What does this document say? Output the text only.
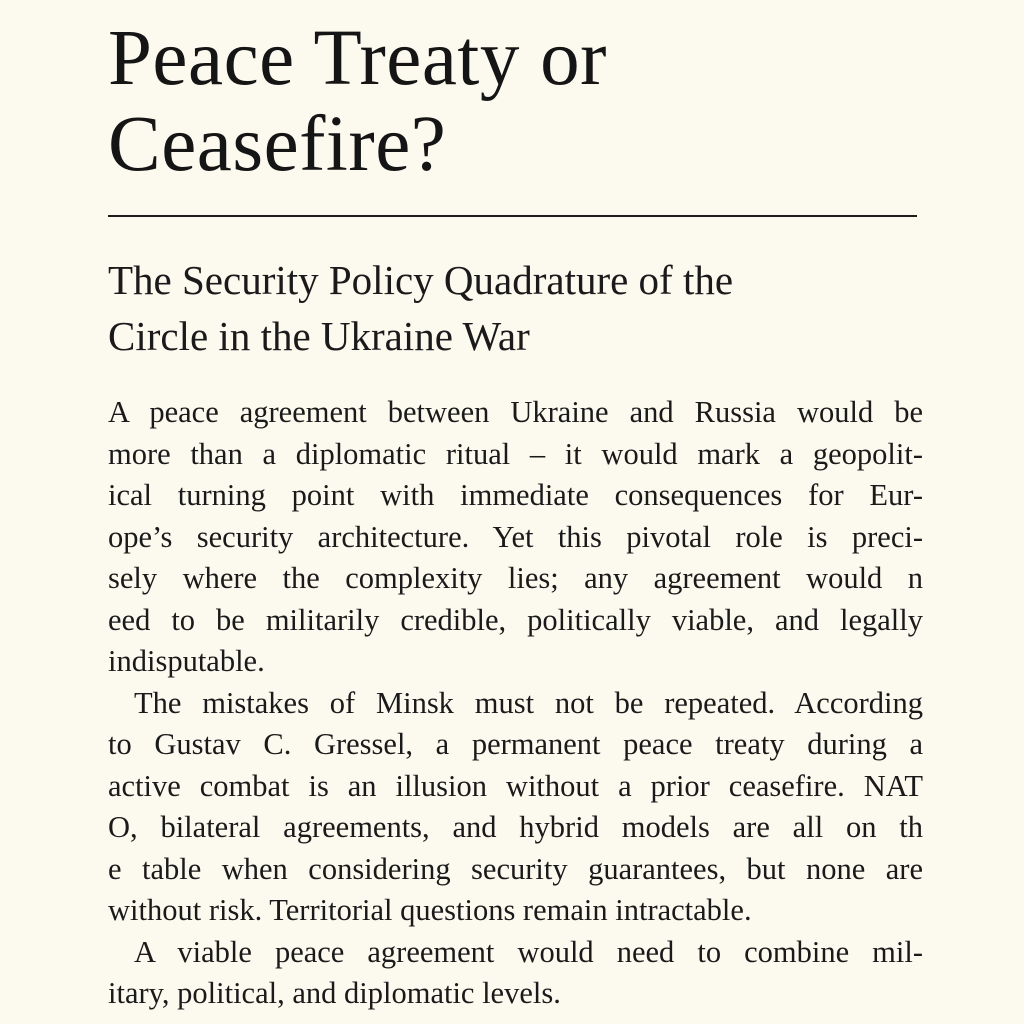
Peace Treaty or
Ceasefire?
The Security Policy Quadrature of the
Circle in the Ukraine War
A peace agreement between Ukraine and Russia would be
more than a diplomatic ritual – it would mark a geopolit-
ical turning point with immediate consequences for Eur-
ope’s security architecture. Yet this pivotal role is preci-
sely where the complexity lies; any agreement would n
eed to be militarily credible, politically viable, and legally
indisputable.
The mistakes of Minsk must not be repeated. According
to Gustav C. Gressel, a permanent peace treaty during a
active combat is an illusion without a prior ceasefire. NAT
O, bilateral agreements, and hybrid models are all on th
e table when considering security guarantees, but none are
without risk. Territorial questions remain intractable.
A viable peace agreement would need to combine mil-
itary, political, and diplomatic levels.
